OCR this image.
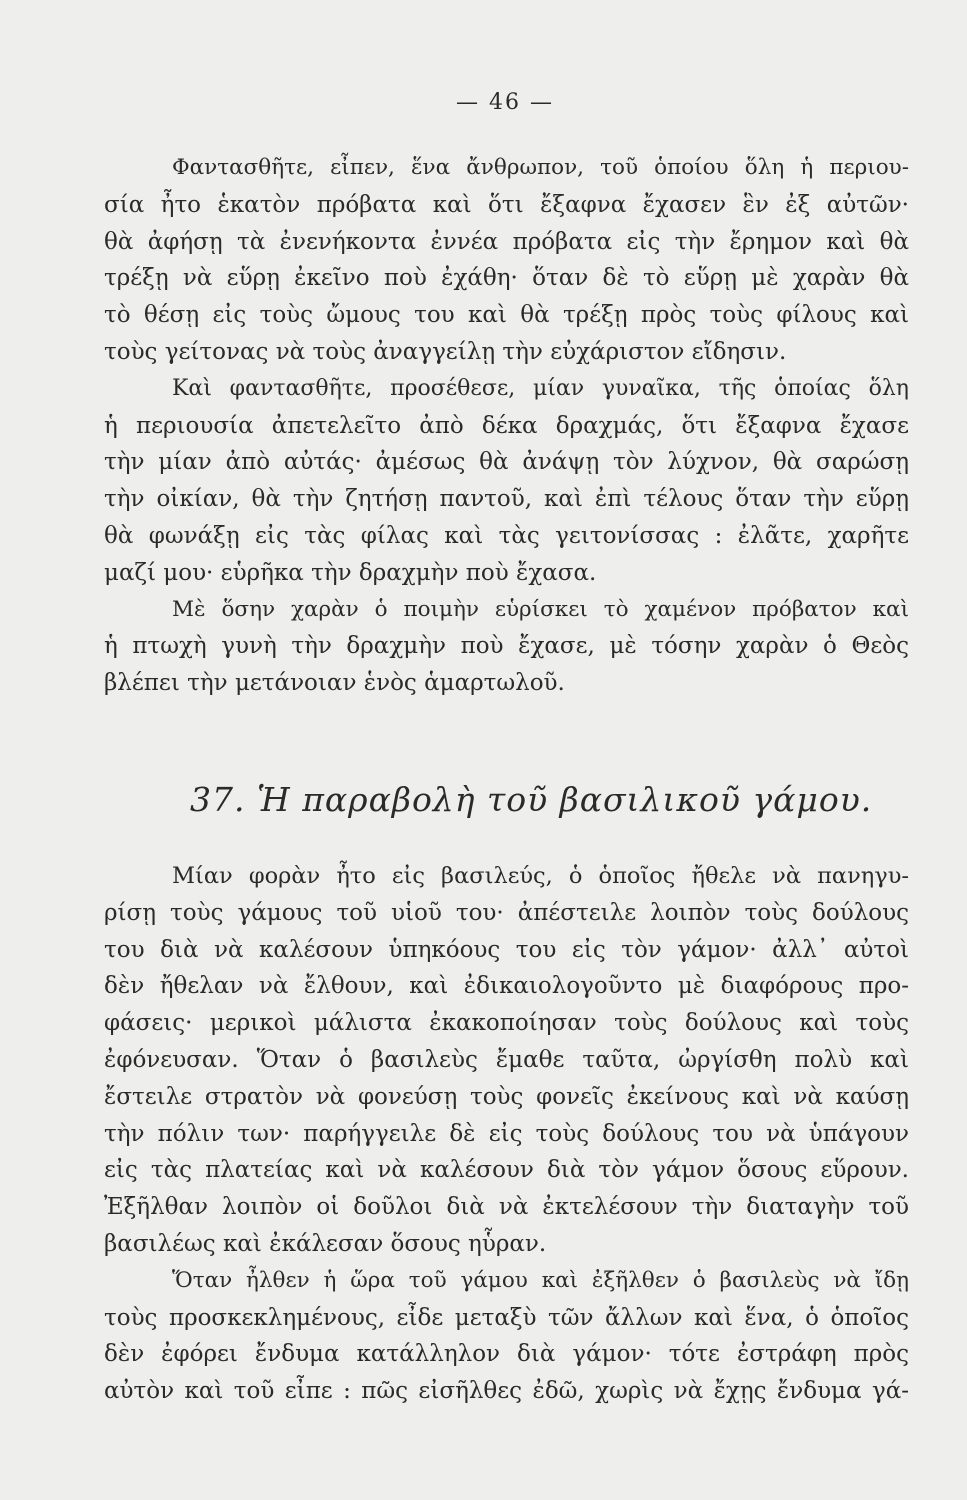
— 46 —
Φαντασθῆτε, εἶπεν, ἕνα ἄνθρωπον, τοῦ ὁποίου ὅλη ἡ περιου-
σία ἦτο ἑκατὸν πρόβατα καὶ ὅτι ἔξαφνα ἔχασεν ἓν ἐξ αὐτῶν·
θὰ ἀφήσῃ τὰ ἐνενήκοντα ἐννέα πρόβατα εἰς τὴν ἔρημον καὶ θὰ
τρέξῃ νὰ εὕρῃ ἐκεῖνο ποὺ ἐχάθη· ὅταν δὲ τὸ εὕρῃ μὲ χαρὰν θὰ
τὸ θέσῃ εἰς τοὺς ὤμους του καὶ θὰ τρέξῃ πρὸς τοὺς φίλους καὶ
τοὺς γείτονας νὰ τοὺς ἀναγγείλῃ τὴν εὐχάριστον εἴδησιν.
Καὶ φαντασθῆτε, προσέθεσε, μίαν γυναῖκα, τῆς ὁποίας ὅλη
ἡ περιουσία ἀπετελεῖτο ἀπὸ δέκα δραχμάς, ὅτι ἔξαφνα ἔχασε
τὴν μίαν ἀπὸ αὐτάς· ἀμέσως θὰ ἀνάψῃ τὸν λύχνον, θὰ σαρώσῃ
τὴν οἰκίαν, θὰ τὴν ζητήσῃ παντοῦ, καὶ ἐπὶ τέλους ὅταν τὴν εὕρῃ
θὰ φωνάξῃ εἰς τὰς φίλας καὶ τὰς γειτονίσσας : ἐλᾶτε, χαρῆτε
μαζί μου· εὑρῆκα τὴν δραχμὴν ποὺ ἔχασα.
Μὲ ὅσην χαρὰν ὁ ποιμὴν εὑρίσκει τὸ χαμένον πρόβατον καὶ
ἡ πτωχὴ γυνὴ τὴν δραχμὴν ποὺ ἔχασε, μὲ τόσην χαρὰν ὁ Θεὸς
βλέπει τὴν μετάνοιαν ἑνὸς ἁμαρτωλοῦ.
37. Ἡ παραβολὴ τοῦ βασιλικοῦ γάμου.
Μίαν φορὰν ἦτο εἰς βασιλεύς, ὁ ὁποῖος ἤθελε νὰ πανηγυ-
ρίσῃ τοὺς γάμους τοῦ υἱοῦ του· ἀπέστειλε λοιπὸν τοὺς δούλους
του διὰ νὰ καλέσουν ὑπηκόους του εἰς τὸν γάμον· ἀλλ᾿ αὐτοὶ
δὲν ἤθελαν νὰ ἔλθουν, καὶ ἐδικαιολογοῦντο μὲ διαφόρους προ-
φάσεις· μερικοὶ μάλιστα ἐκακοποίησαν τοὺς δούλους καὶ τοὺς
ἐφόνευσαν. Ὅταν ὁ βασιλεὺς ἔμαθε ταῦτα, ὠργίσθη πολὺ καὶ
ἔστειλε στρατὸν νὰ φονεύσῃ τοὺς φονεῖς ἐκείνους καὶ νὰ καύσῃ
τὴν πόλιν των· παρήγγειλε δὲ εἰς τοὺς δούλους του νὰ ὑπάγουν
εἰς τὰς πλατείας καὶ νὰ καλέσουν διὰ τὸν γάμον ὅσους εὕρουν.
Ἐξῆλθαν λοιπὸν οἱ δοῦλοι διὰ νὰ ἐκτελέσουν τὴν διαταγὴν τοῦ
βασιλέως καὶ ἐκάλεσαν ὅσους ηὗραν.
Ὅταν ἦλθεν ἡ ὥρα τοῦ γάμου καὶ ἐξῆλθεν ὁ βασιλεὺς νὰ ἴδῃ
τοὺς προσκεκλημένους, εἶδε μεταξὺ τῶν ἄλλων καὶ ἕνα, ὁ ὁποῖος
δὲν ἐφόρει ἔνδυμα κατάλληλον διὰ γάμον· τότε ἐστράφη πρὸς
αὐτὸν καὶ τοῦ εἶπε : πῶς εἰσῆλθες ἐδῶ, χωρὶς νὰ ἔχῃς ἔνδυμα γά-
